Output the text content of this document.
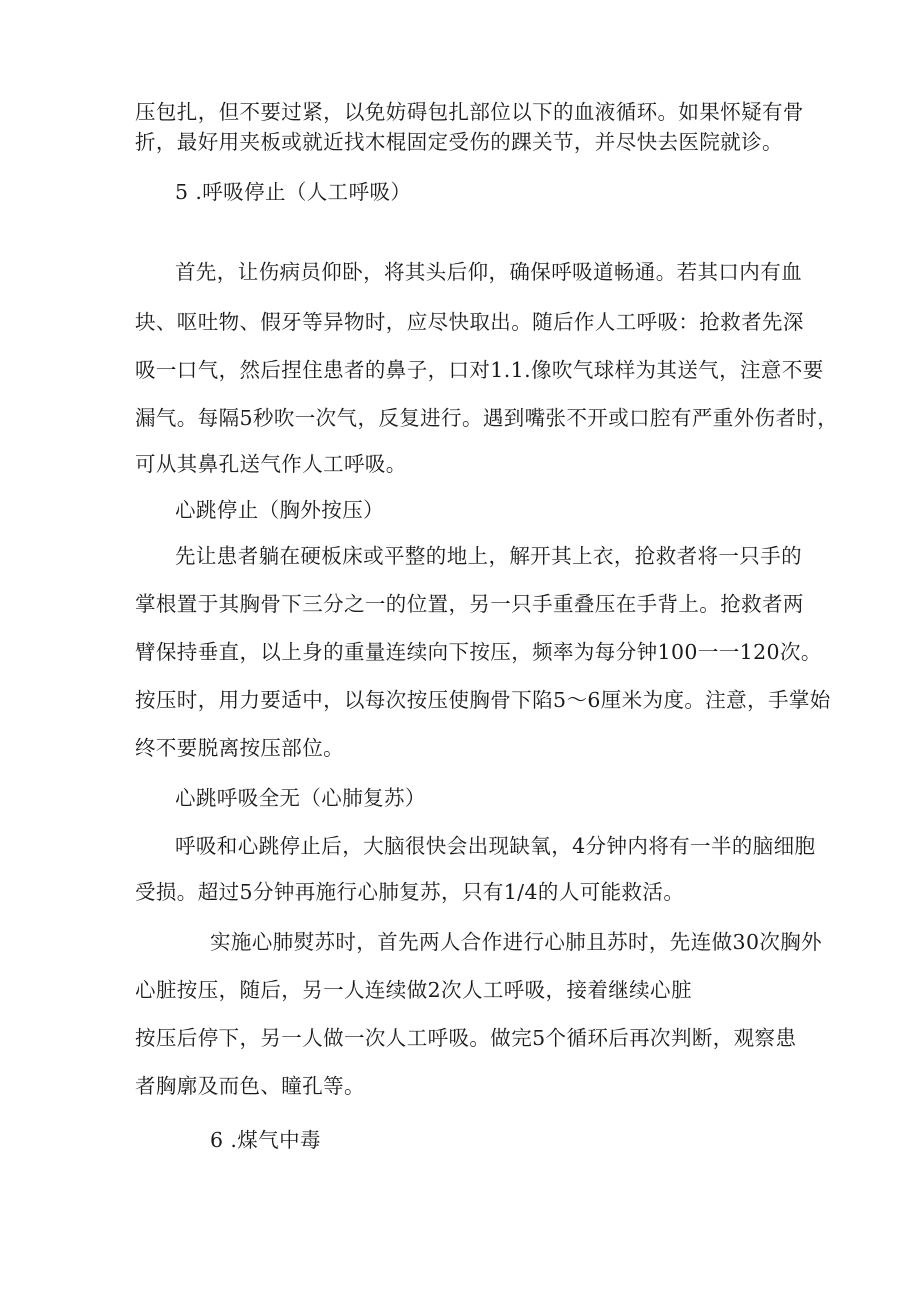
压包扎，但不要过紧，以免妨碍包扎部位以下的血液循环。如果怀疑有骨
折，最好用夹板或就近找木棍固定受伤的踝关节，并尽快去医院就诊。
5 .呼吸停止（人工呼吸）
首先，让伤病员仰卧，将其头后仰，确保呼吸道畅通。若其口内有血
块、呕吐物、假牙等异物时，应尽快取出。随后作人工呼吸：抢救者先深
吸一口气，然后捏住患者的鼻子，口对1.1.像吹气球样为其送气，注意不要
漏气。每隔5秒吹一次气，反复进行。遇到嘴张不开或口腔有严重外伤者时，
可从其鼻孔送气作人工呼吸。
心跳停止（胸外按压）
先让患者躺在硬板床或平整的地上，解开其上衣，抢救者将一只手的
掌根置于其胸骨下三分之一的位置，另一只手重叠压在手背上。抢救者两
臂保持垂直，以上身的重量连续向下按压，频率为每分钟100一一120次。
按压时，用力要适中，以每次按压使胸骨下陷5～6厘米为度。注意，手掌始
终不要脱离按压部位。
心跳呼吸全无（心肺复苏）
呼吸和心跳停止后，大脑很快会出现缺氧，4分钟内将有一半的脑细胞
受损。超过5分钟再施行心肺复苏，只有1/4的人可能救活。
实施心肺熨苏时，首先两人合作进行心肺且苏时，先连做30次胸外
心脏按压，随后，另一人连续做2次人工呼吸，接着继续心脏
按压后停下，另一人做一次人工呼吸。做完5个循环后再次判断，观察患
者胸廓及而色、瞳孔等。
6 .煤气中毒
